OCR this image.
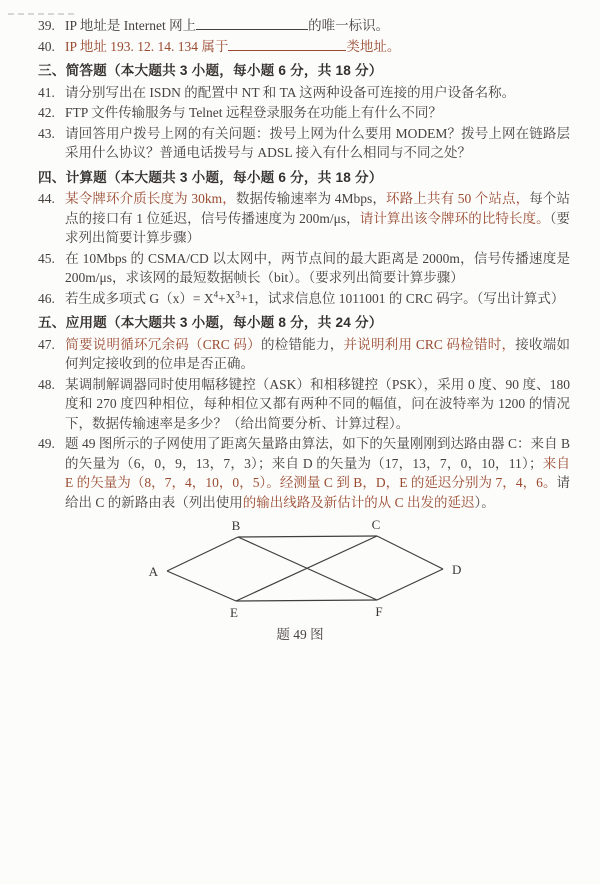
39. IP 地址是 Internet 网上	的唯一标识。
40. IP 地址 193. 12. 14. 134 属于	类地址。
三、简答题（本大题共 3 小题，每小题 6 分，共 18 分）
41. 请分别写出在 ISDN 的配置中 NT 和 TA 这两种设备可连接的用户设备名称。
42. FTP 文件传输服务与 Telnet 远程登录服务在功能上有什么不同？
43. 请回答用户拨号上网的有关问题：拨号上网为什么要用 MODEM？拨号上网在链路层采用什么协议？普通电话拨号与 ADSL 接入有什么相同与不同之处？
四、计算题（本大题共 3 小题，每小题 6 分，共 18 分）
44. 某令牌环介质长度为 30km，数据传输速率为 4Mbps，环路上共有 50 个站点，每个站点的接口有 1 位延迟，信号传播速度为 200m/μs，请计算出该令牌环的比特长度。（要求列出简要计算步骤）
45. 在 10Mbps 的 CSMA/CD 以太网中，两节点间的最大距离是 2000m，信号传播速度是 200m/μs，求该网的最短数据帧长（bit）。（要求列出简要计算步骤）
46. 若生成多项式 $G(x)= X^4+X^3+1$，试求信息位 1011001 的 CRC 码字。（写出计算式）
五、应用题（本大题共 3 小题，每小题 8 分，共 24 分）
47. 简要说明循环冗余码（CRC 码）的检错能力，并说明利用 CRC 码检错时，接收端如何判定接收到的位串是否正确。
48. 某调制解调器同时使用幅移键控（ASK）和相移键控（PSK），采用 0 度、90 度、180 度和 270 度四种相位，每种相位又都有两种不同的幅值，问在波特率为 1200 的情况下，数据传输速率是多少？（给出简要分析、计算过程）。
49. 题 49 图所示的子网使用了距离矢量路由算法，如下的矢量刚刚到达路由器 C：来自 B 的矢量为（6，0，9，13，7，3）；来自 D 的矢量为（17，13，7，0，10，11）；来自 E 的矢量为（8，7，4，10，0，5）。经测量 C 到 B，D，E 的延迟分别为 7，4，6。请给出 C 的新路由表（列出使用的输出线路及新估计的从 C 出发的延迟）。
A
B	C
D
E	F
题 49 图
